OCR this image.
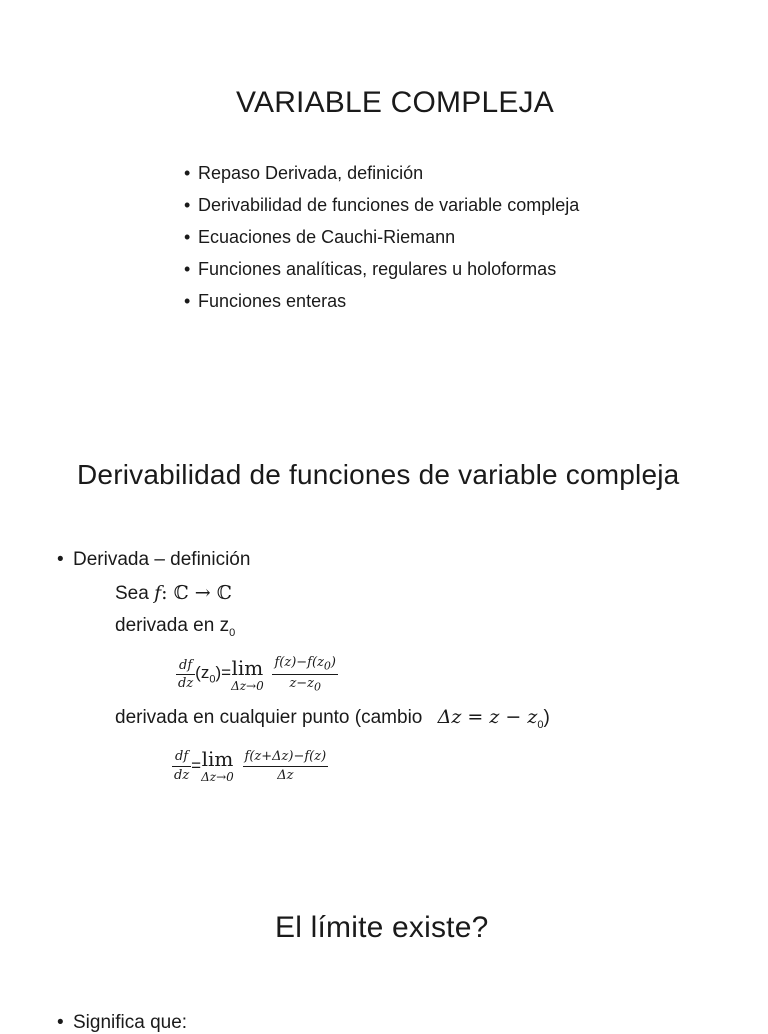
VARIABLE COMPLEJA
• Repaso Derivada, definición
• Derivabilidad de funciones de variable compleja
• Ecuaciones de Cauchi-Riemann
• Funciones analíticas, regulares u holoformas
• Funciones enteras
Derivabilidad de funciones de variable compleja
• Derivada – definición
Sea f: ℂ → ℂ
derivada en $z_0$
$\frac{df}{dz} (z_0)= \lim$
Δz→0
$\frac{f(z)-f(z_0)}{z-z_0}$
derivada en cualquier punto (cambio $\Delta z = z - z_0$)
$\frac{df}{dz} = \lim$
Δz→0
$\frac{f(z+\Delta z)-f(z)}{\Delta z}$
El límite existe?
• Significa que:
